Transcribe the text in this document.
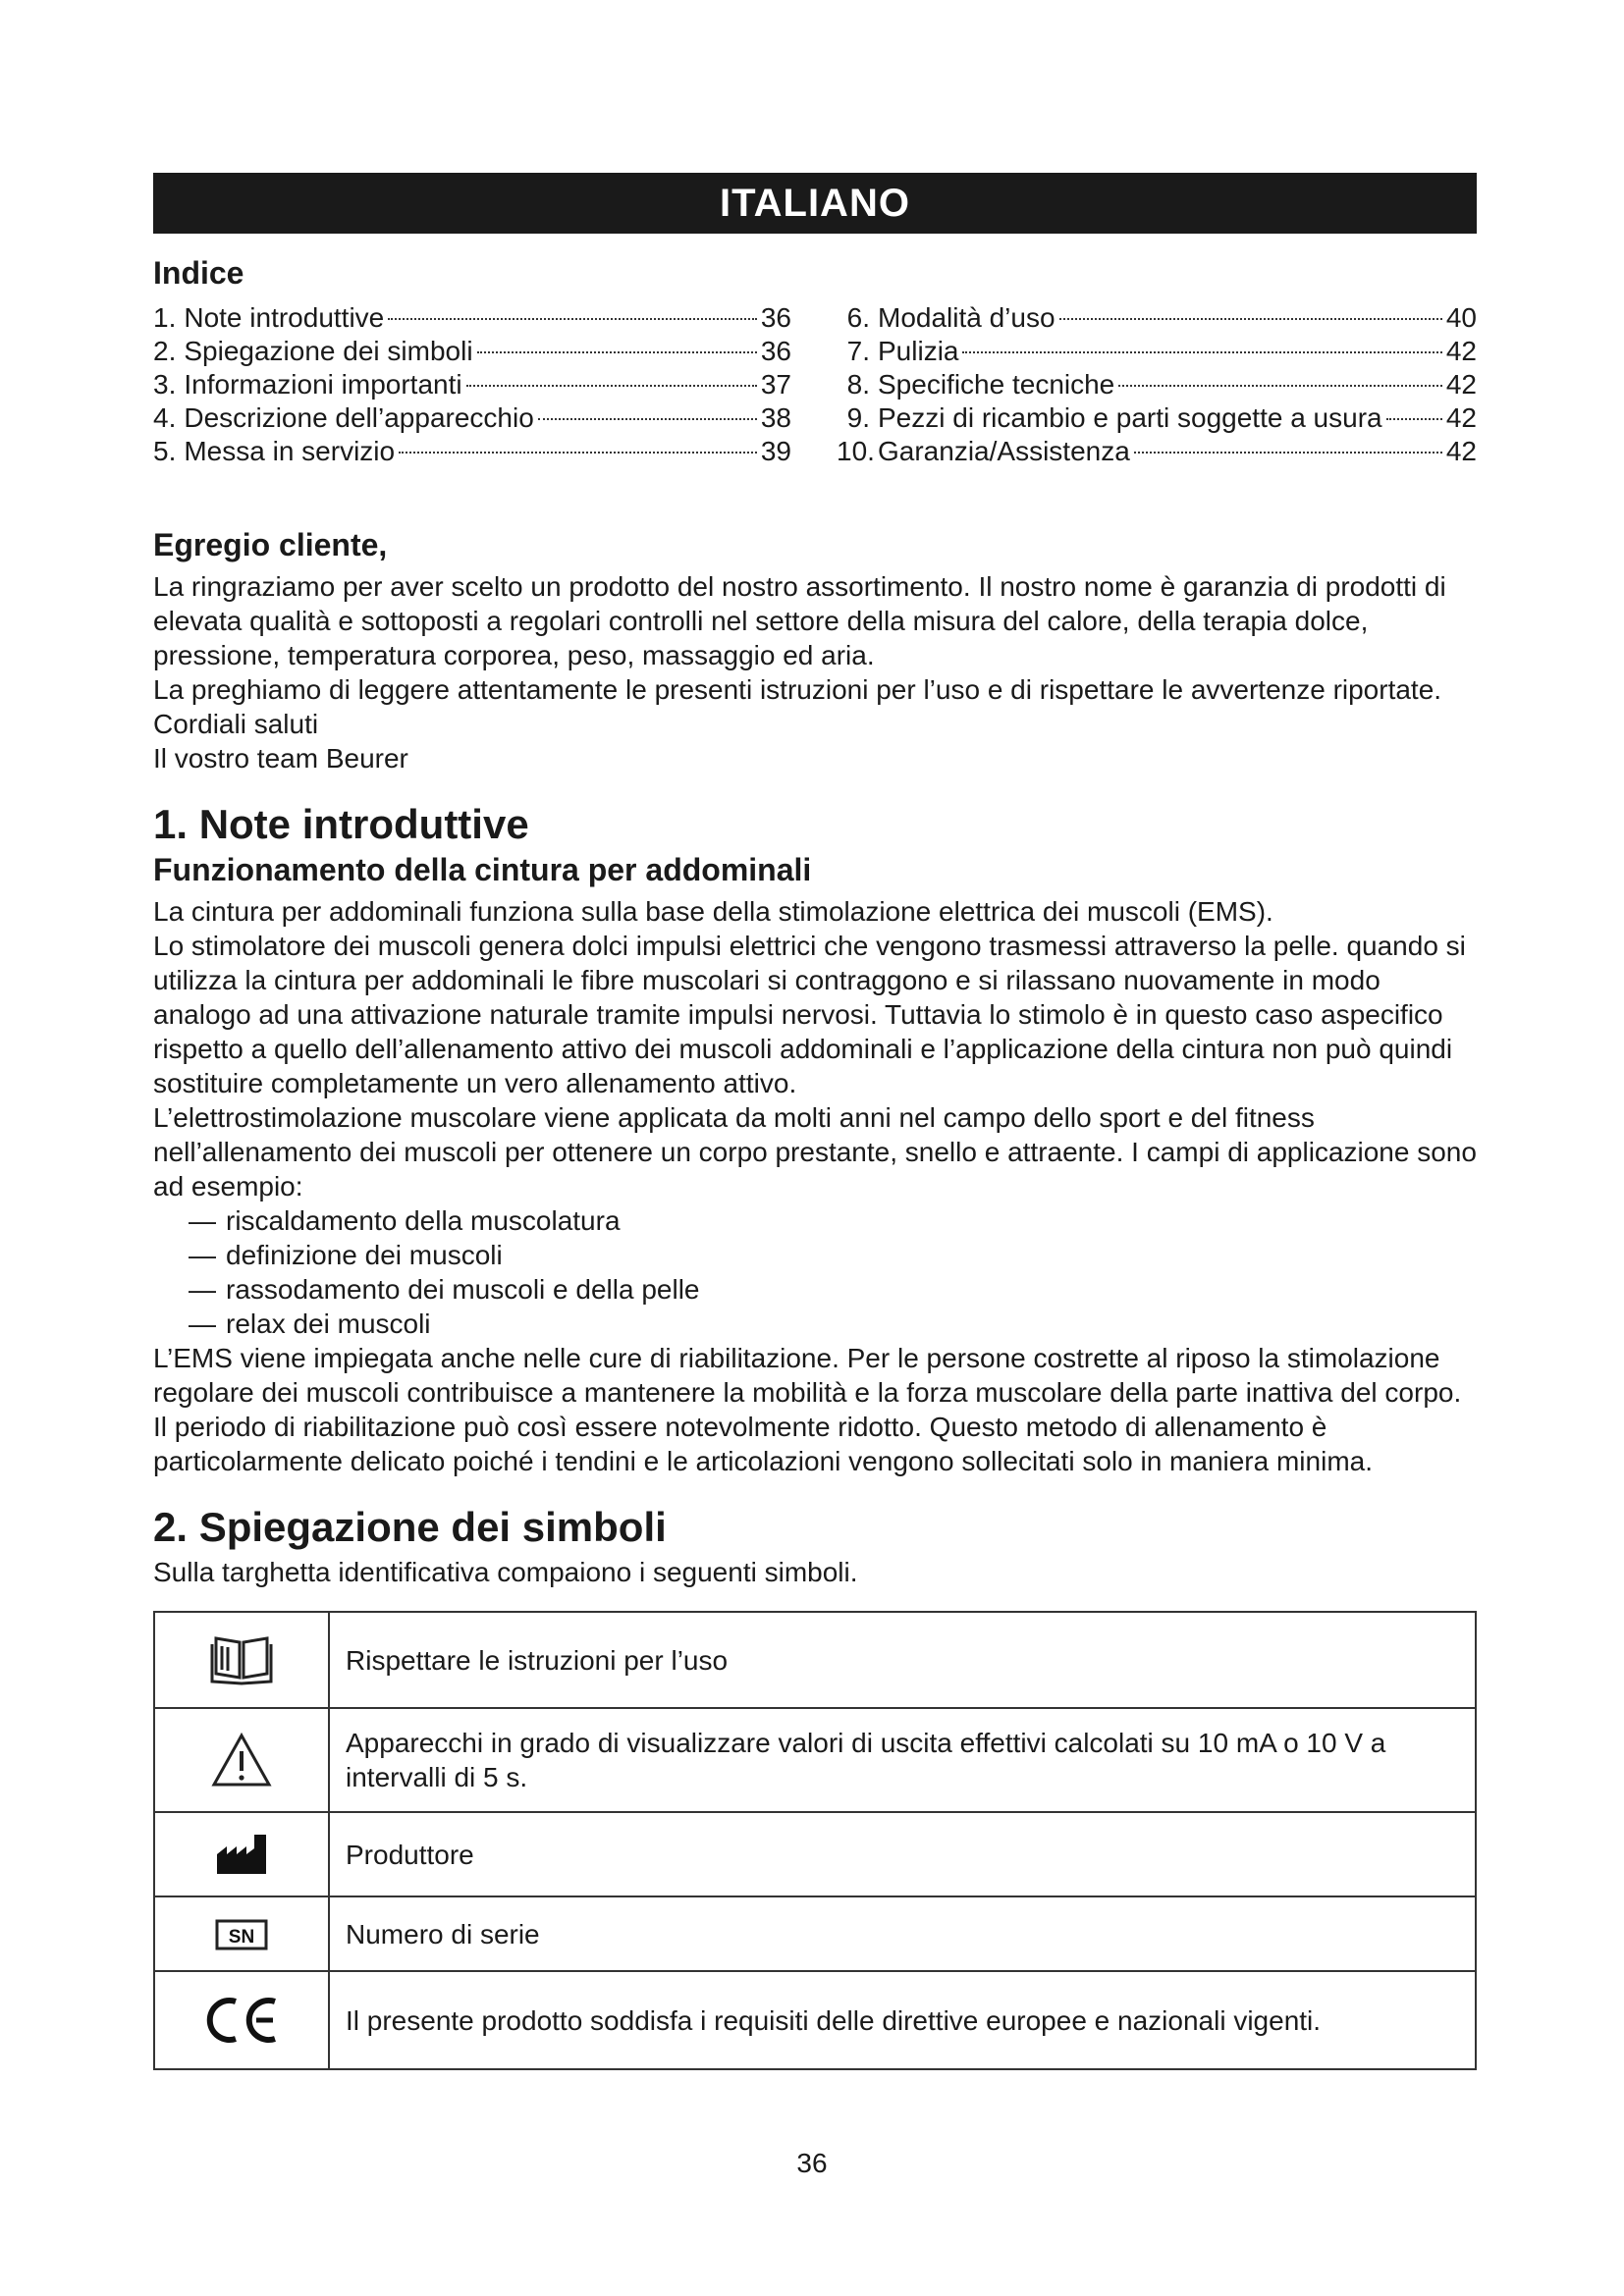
ITALIANO
Indice
1. Note introduttive	36
2. Spiegazione dei simboli	36
3. Informazioni importanti	37
4. Descrizione dell’apparecchio	38
5. Messa in servizio	39
6. Modalità d’uso	40
7. Pulizia	42
8. Specifiche tecniche	42
9. Pezzi di ricambio e parti soggette a usura 42
10. Garanzia/Assistenza	42
Egregio cliente,

La ringraziamo per aver scelto un prodotto del nostro assortimento. Il nostro nome è garanzia di prodotti di elevata qualità e sottoposti a regolari controlli nel settore della misura del calore, della terapia dolce, pressione, temperatura corporea, peso, massaggio ed aria.

La preghiamo di leggere attentamente le presenti istruzioni per l’uso e di rispettare le avvertenze riportate.

Cordiali saluti

Il vostro team Beurer

1. Note introduttive
Funzionamento della cintura per addominali

La cintura per addominali funziona sulla base della stimolazione elettrica dei muscoli (EMS).

Lo stimolatore dei muscoli genera dolci impulsi elettrici che vengono trasmessi attraverso la pelle. quando si utilizza la cintura per addominali le fibre muscolari si contraggono e si rilassano nuovamente in modo analogo ad una attivazione naturale tramite impulsi nervosi. Tuttavia lo stimolo è in questo caso aspecifico rispetto a quello dell’allenamento attivo dei muscoli addominali e l’applicazione della cintura non può quindi sostituire completamente un vero allenamento attivo.

L’elettrostimolazione muscolare viene applicata da molti anni nel campo dello sport e del fitness nell’allenamento dei muscoli per ottenere un corpo prestante, snello e attraente. I campi di applicazione sono ad esempio:

— riscaldamento della muscolatura
— definizione dei muscoli
— rassodamento dei muscoli e della pelle
— relax dei muscoli

L’EMS viene impiegata anche nelle cure di riabilitazione. Per le persone costrette al riposo la stimolazione regolare dei muscoli contribuisce a mantenere la mobilità e la forza muscolare della parte inattiva del corpo. Il periodo di riabilitazione può così essere notevolmente ridotto. Questo metodo di allenamento è particolarmente delicato poiché i tendini e le articolazioni vengono sollecitati solo in maniera minima.

2. Spiegazione dei simboli

Sulla targhetta identificativa compaiono i seguenti simboli.

	Rispettare le istruzioni per l’uso
	Apparecchi in grado di visualizzare valori di uscita effettivi calcolati su 10 mA o 10 V a intervalli di 5 s.
	Produttore

SN	Numero di serie
	Il presente prodotto soddisfa i requisiti delle direttive europee e nazionali vigenti.
36
